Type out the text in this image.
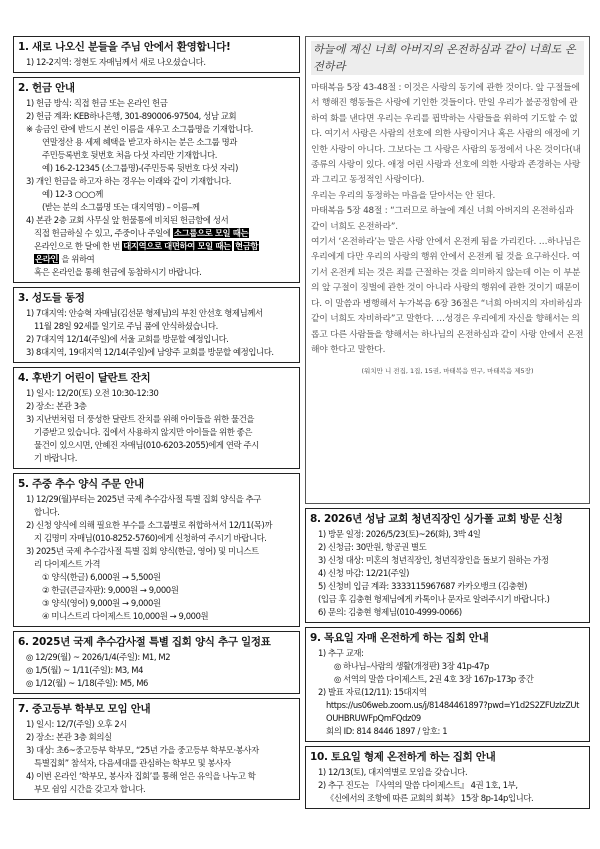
1. 새로 나오신 분들을 주님 안에서 환영합니다!
1) 12-2지역: 정현도 자매님께서 새로 나오셨습니다.
2. 헌금 안내
1) 헌금 방식: 직접 헌금 또는 온라인 헌금
2) 헌금 계좌: KEB하나은행, 301-890006-97504, 성남 교회
※ 송금인 란에 반드시 본인 이름을 새우고 소그룹명을 기재합니다.
연말정산 용 세제 혜택을 받고자 하시는 분은 소그룹 명과
주민등록번호 뒷번호 처음 다섯 자리만 기재합니다.
예) 16-2-12345 (소그룹명)-(주민등록 뒷번호 다섯 자리)
3) 개인 헌금을 하고자 하는 경우는 이래와 같이 기재합니다.
예) 12-3 ○○○께
(받는 분의 소그룹명 또는 대지역명) – 이름–께
4) 본관 2층 교회 사무실 앞 헌물통에 비치된 헌금함에 성서
직접 헌금하실 수 있고, 주중이나 주일에 소그룹으로 모일 때는
온라인으로 한 달에 한 번 대지역으로 대면하여 모일 때는 현금함
온라인 을 위하여
혹은 온라인을 통해 헌금에 동참하시기 바랍니다.
3. 성도들 동정
1) 7대지역: 안승혁 자매님(김선문 형제님)의 부친 안선호 형제님께서
11월 28일 92세를 일기로 주님 품에 안식하셨습니다.
2) 7대지역 12/14(주일)에 서울 교회를 방문할 예정입니다.
3) 8대지역, 19대지역 12/14(주일)에 남양주 교회를 방문할 예정입니다.
4. 후반기 어린이 달란트 잔치
1) 일시: 12/20(토) 오전 10:30-12:30
2) 장소: 본관 3층
3) 지난번처럼 더 풍성한 달란트 잔치를 위해 아이들을 위한 물건을
기증받고 있습니다. 집에서 사용하지 않지만 아이들을 위한 좋은
물건이 있으시면, 안혜진 자매님(010-6203-2055)에게 연락 주시
기 바랍니다.
5. 주중 추수 양식 주문 안내
1) 12/29(월)부터는 2025년 국제 추수감사절 특별 집회 양식을 추구
합니다.
2) 신청 양식에 의해 필요한 부수를 소그룹별로 취합하셔서 12/11(목)까
지 김명미 자매님(010-8252-5760)에게 신청하여 주시기 바랍니다.
3) 2025년 국제 추수감사절 특별 집회 양식(한글, 영어) 및 미니스트
리 다이제스트 가격
① 양식(한글) 6,000원 → 5,500원
② 한글(큰글자판): 9,000원 → 9,000원
③ 양식(영어) 9,000원 → 9,000원
④ 미니스트리 다이제스트 10,000원 → 9,000원
6. 2025년 국제 추수감사절 특별 집회 양식 추구 일정표
◎ 12/29(월) ~ 2026/1/4(주일): M1, M2
◎ 1/5(월) ~ 1/11(주일): M3, M4
◎ 1/12(월) ~ 1/18(주일): M5, M6
7. 중고등부 학부모 모임 안내
1) 일시: 12/7(주일) 오후 2시
2) 장소: 본관 3층 회의실
3) 대상: 초6~중고등부 학부모, “25년 가을 중고등부 학부모·봉사자
특별집회” 참석자, 다음세대를 관심하는 학부모 및 봉사자
4) 이번 온라인 ‘학부모, 봉사자 집회’를 통해 얻은 유익을 나누고 학
부모 쉼임 시간을 갖고자 합니다.
하늘에 계신 너희 아버지의 온전하심과 같이 너희도 온전하라
마태복음 5장 43-48절 : 이것은 사랑의 동기에 관한 것이다. 앞 구절들에서 행해진 행동들은 사랑에 기인한 것들이다. 만일 우리가 불공정함에 관하여 화를 낸다면 우리는 우리를 핍박하는 사람들을 위하여 기도할 수 없다. 여기서 사랑은 사람의 선호에 의한 사랑이거나 혹은 사람의 애정에 기인한 사랑이 아니다. 그보다는 그 사랑은 사람의 동정에서 나온 것이다(내 종류의 사랑이 있다. 애정 어린 사랑과 선호에 의한 사랑과 존경하는 사랑과 그리고 동정적인 사랑이다).
우리는 우리의 동정하는 마음을 닫아서는 안 된다.
마태복음 5장 48절 : “그러므로 하늘에 계신 너희 아버지의 온전하심과 같이 너희도 온전하라”.
여기서 ‘온전하라’는 말은 사랑 안에서 온전케 됨을 가리킨다. …하나님은 우리에게 다만 우리의 사랑의 행위 안에서 온전케 될 것을 요구하신다. 여기서 온전케 되는 것은 죄를 근절하는 것을 의미하지 않는데 이는 이 부분의 앞 구절이 징벌에 관한 것이 아니라 사랑의 행위에 관한 것이기 때문이다. 이 말씀과 병행해서 누가복음 6장 36절은 “너희 아버지의 자비하심과 같이 너희도 자비하라”고 말한다. …성경은 우리에게 자신을 향해서는 의롭고 다른 사람들을 향해서는 하나님의 온전하심과 같이 사랑 안에서 온전해야 한다고 말한다.
(워치만 니 전집, 1집, 15권, 마태복음 연구, 마태복음 제5장)
8. 2026년 성남 교회 청년직장인 싱가폴 교회 방문 신청
1) 방문 일정: 2026/5/23(토)~26(화), 3박 4일
2) 신청금: 30만원, 항공권 별도
3) 신청 대상: 미혼의 청년직장인, 청년직장인을 돌보기 원하는 가정
4) 신청 마감: 12/21(주일)
5) 신청비 입금 계좌: 3333115967687 카카오뱅크 (김충현)
(입금 후 김충현 형제님에게 카톡이나 문자로 알려주시기 바랍니다.)
6) 문의: 김충현 형제님(010-4999-0066)
9. 목요일 자매 온전하게 하는 집회 안내
1) 추구 교재:
◎ 하나님–사람의 생활(개정판) 3장 41p-47p
◎ 서역의 말씀 다이제스트, 2권 4호 3장 167p-173p 중간
2) 발표 자료(12/11): 15대지역
https://us06web.zoom.us/j/81484461897?pwd=Y1d2S2ZFUzIzZUt
OUHBRUWFpQmFQdz09
회의 ID: 814 8446 1897 / 암호: 1
10. 토요일 형제 온전하게 하는 집회 안내
1) 12/13(토), 대지역별로 모임을 갖습니다.
2) 추구 진도는 『사역의 말씀 다이제스트』 4권 1호, 1부,
《신에서의 조항에 따른 교회의 회복》 15장 8p-14p입니다.
